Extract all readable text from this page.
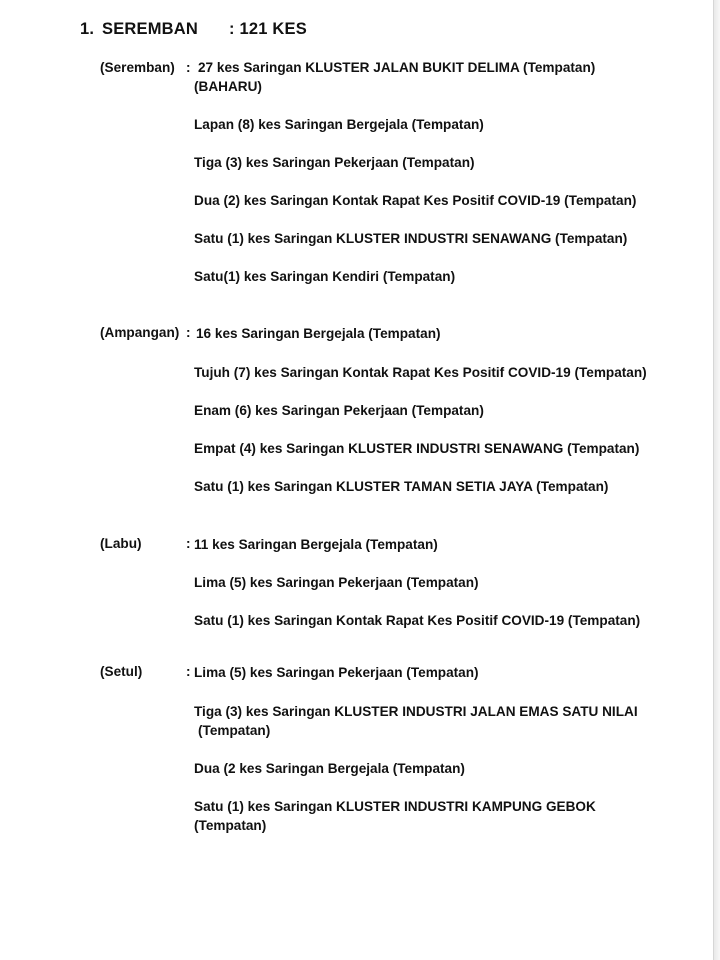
1. SEREMBAN : 121 KES
(Seremban) : 27 kes Saringan KLUSTER JALAN BUKIT DELIMA (Tempatan)
(BAHARU)
Lapan (8) kes Saringan Bergejala (Tempatan)
Tiga (3) kes Saringan Pekerjaan (Tempatan)
Dua (2) kes Saringan Kontak Rapat Kes Positif COVID-19 (Tempatan)
Satu (1) kes Saringan KLUSTER INDUSTRI SENAWANG (Tempatan)
Satu(1) kes Saringan Kendiri (Tempatan)
(Ampangan) : 16 kes Saringan Bergejala (Tempatan)
Tujuh (7) kes Saringan Kontak Rapat Kes Positif COVID-19 (Tempatan)
Enam (6) kes Saringan Pekerjaan (Tempatan)
Empat (4) kes Saringan KLUSTER INDUSTRI SENAWANG (Tempatan)
Satu (1) kes Saringan KLUSTER TAMAN SETIA JAYA (Tempatan)
(Labu)	: 11 kes Saringan Bergejala (Tempatan)
Lima (5) kes Saringan Pekerjaan (Tempatan)
Satu (1) kes Saringan Kontak Rapat Kes Positif COVID-19 (Tempatan)
(Setul)	: Lima (5) kes Saringan Pekerjaan (Tempatan)
Tiga (3) kes Saringan KLUSTER INDUSTRI JALAN EMAS SATU NILAI
(Tempatan)
Dua (2 kes Saringan Bergejala (Tempatan)
Satu (1) kes Saringan KLUSTER INDUSTRI KAMPUNG GEBOK
(Tempatan)
